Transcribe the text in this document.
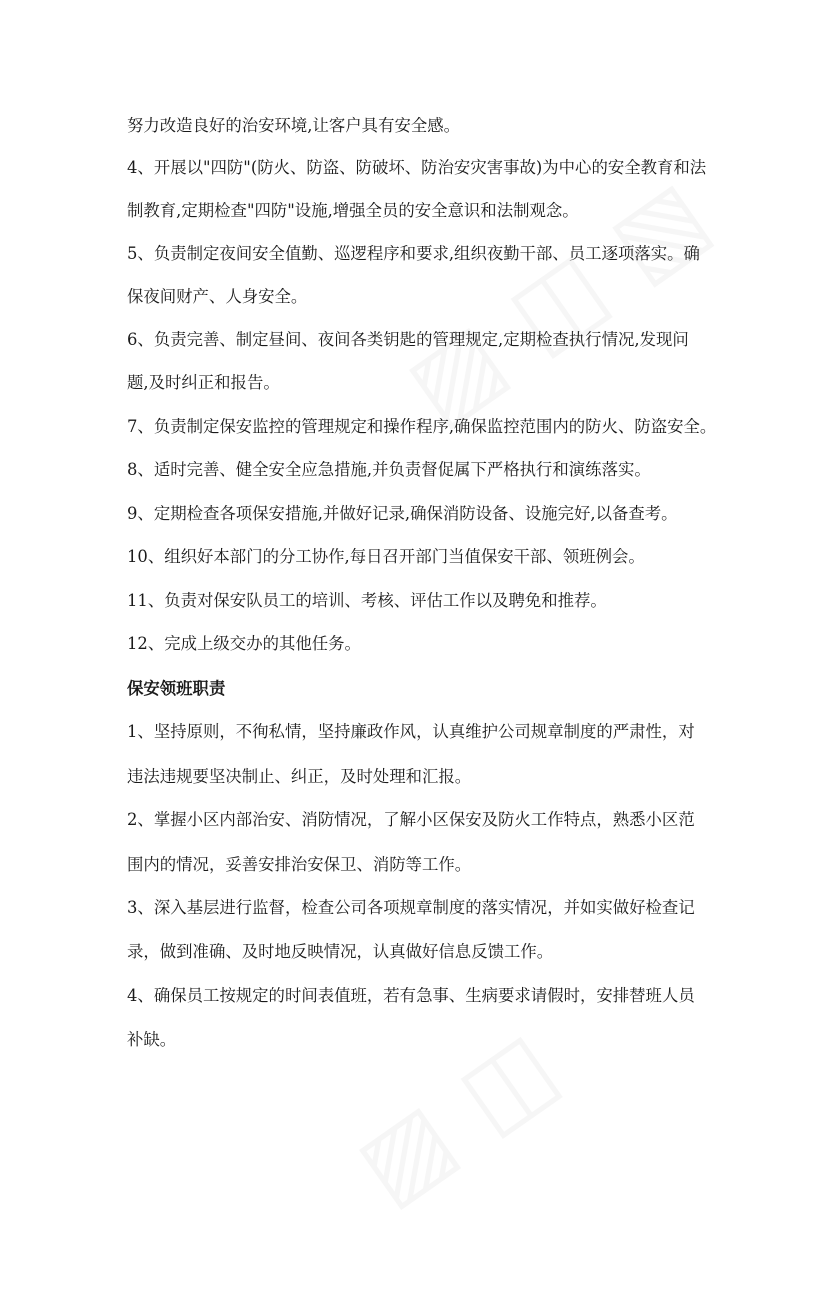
努力改造良好的治安环境,让客户具有安全感。
4、开展以"四防"(防火、防盗、防破坏、防治安灾害事故)为中心的安全教育和法
制教育,定期检查"四防"设施,增强全员的安全意识和法制观念。
5、负责制定夜间安全值勤、巡逻程序和要求,组织夜勤干部、员工逐项落实。确
保夜间财产、人身安全。
6、负责完善、制定昼间、夜间各类钥匙的管理规定,定期检查执行情况,发现问
题,及时纠正和报告。
7、负责制定保安监控的管理规定和操作程序,确保监控范围内的防火、防盗安全。
8、适时完善、健全安全应急措施,并负责督促属下严格执行和演练落实。
9、定期检查各项保安措施,并做好记录,确保消防设备、设施完好,以备查考。
10、组织好本部门的分工协作,每日召开部门当值保安干部、领班例会。
11、负责对保安队员工的培训、考核、评估工作以及聘免和推荐。
12、完成上级交办的其他任务。
保安领班职责
1、坚持原则，不徇私情，坚持廉政作风，认真维护公司规章制度的严肃性，对
违法违规要坚决制止、纠正，及时处理和汇报。
2、掌握小区内部治安、消防情况，了解小区保安及防火工作特点，熟悉小区范
围内的情况，妥善安排治安保卫、消防等工作。
3、深入基层进行监督，检查公司各项规章制度的落实情况，并如实做好检查记
录，做到准确、及时地反映情况，认真做好信息反馈工作。
4、确保员工按规定的时间表值班，若有急事、生病要求请假时，安排替班人员
补缺。
